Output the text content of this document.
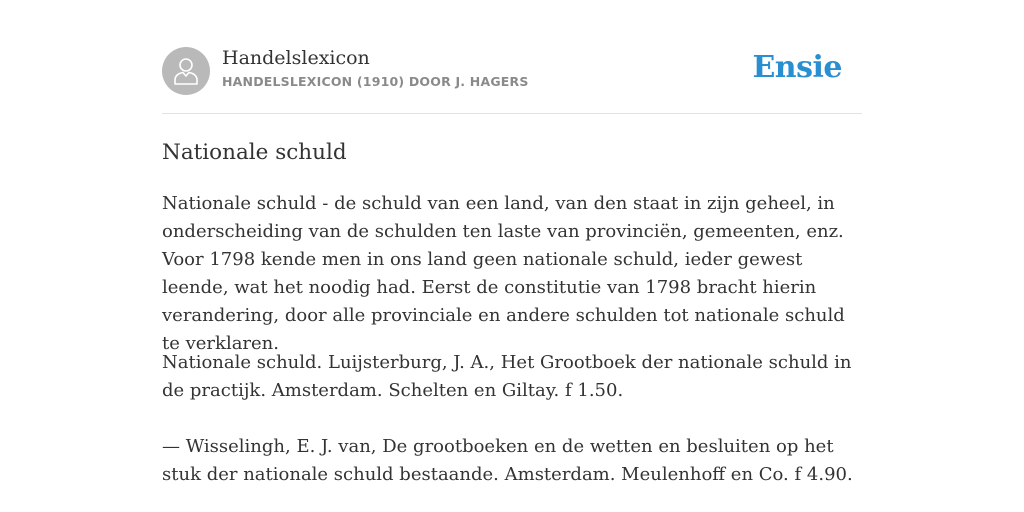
Handelslexicon
HANDELSLEXICON (1910) DOOR J. HAGERS	Ensie
Nationale schuld

Nationale schuld - de schuld van een land, van den staat in zijn geheel, in onderscheiding van de schulden ten laste van provinciën, gemeenten, enz. Voor 1798 kende men in ons land geen nationale schuld, ieder gewest leende, wat het noodig had. Eerst de constitutie van 1798 bracht hierin verandering, door alle provinciale en andere schulden tot nationale schuld te verklaren.

Nationale schuld. Luijsterburg, J. A., Het Grootboek der nationale schuld in de practijk. Amsterdam. Schelten en Giltay. f 1.50.

— Wisselingh, E. J. van, De grootboeken en de wetten en besluiten op het stuk der nationale schuld bestaande. Amsterdam. Meulenhoff en Co. f 4.90.
